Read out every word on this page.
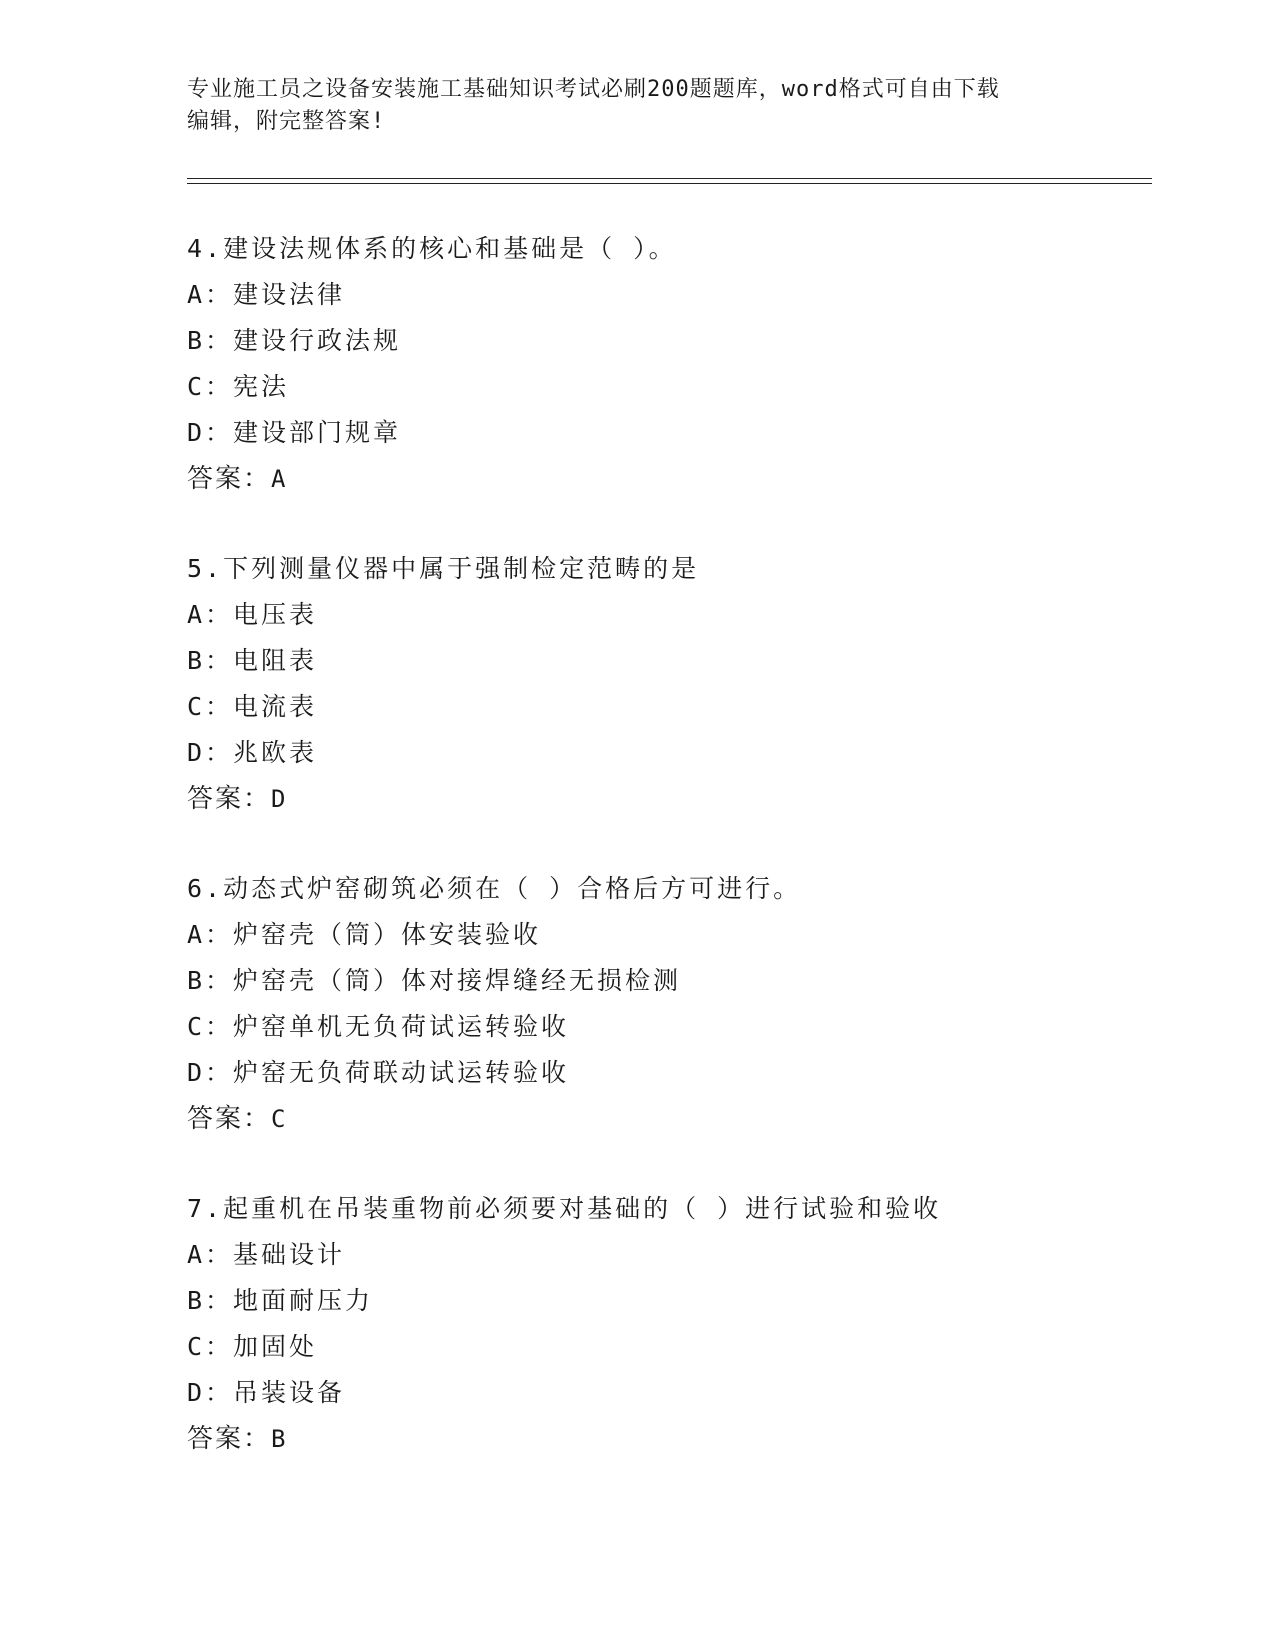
专业施工员之设备安装施工基础知识考试必刷200题题库，word格式可自由下载
编辑，附完整答案!
4.建设法规体系的核心和基础是（ ）。
A：建设法律
B：建设行政法规
C：宪法
D：建设部门规章
答案：A
5.下列测量仪器中属于强制检定范畴的是
A：电压表
B：电阻表
C：电流表
D：兆欧表
答案：D
6.动态式炉窑砌筑必须在（ ）合格后方可进行。
A：炉窑壳（筒）体安装验收
B：炉窑壳（筒）体对接焊缝经无损检测
C：炉窑单机无负荷试运转验收
D：炉窑无负荷联动试运转验收
答案：C
7.起重机在吊装重物前必须要对基础的（ ）进行试验和验收
A：基础设计
B：地面耐压力
C：加固处
D：吊装设备
答案：B
